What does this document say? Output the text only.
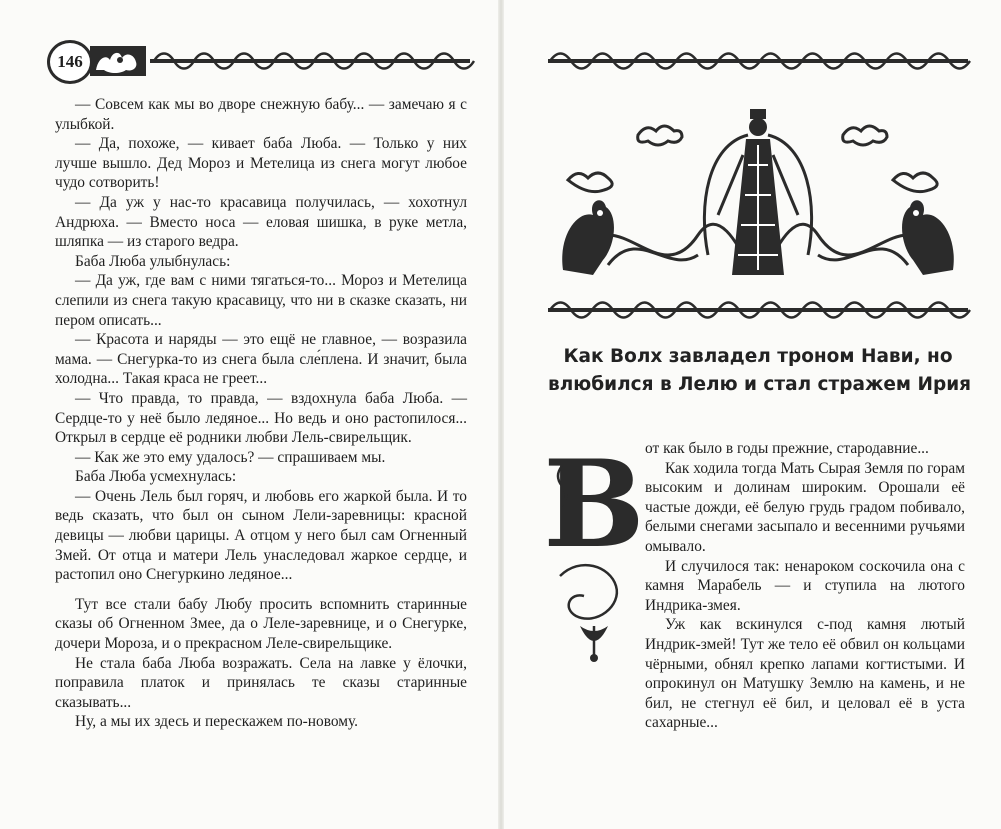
146

— Совсем как мы во дворе снежную бабу... — замечаю я с улыбкой.

— Да, похоже, — кивает баба Люба. — Только у них лучше вышло. Дед Мороз и Метелица из снега могут любое чудо сотворить!

— Да уж у нас-то красавица получилась, — хохотнул Андрюха. — Вместо носа — еловая шишка, в руке метла, шляпка — из старого ведра.

Баба Люба улыбнулась:

— Да уж, где вам с ними тягаться-то... Мороз и Метелица слепили из снега такую красавицу, что ни в сказке сказать, ни пером описать...

— Красота и наряды — это ещё не главное, — возразила мама. — Снегурка-то из снега была сле́плена. И значит, была холодна... Такая краса не греет...

— Что правда, то правда, — вздохнула баба Люба. — Сердце-то у неё было ледяное... Но ведь и оно растопилося... Открыл в сердце её родники любви Лель-свирельщик.

— Как же это ему удалось? — спрашиваем мы.

Баба Люба усмехнулась:

— Очень Лель был горяч, и любовь его жаркой была. И то ведь сказать, что был он сыном Лели-заревницы: красной девицы — любви царицы. А отцом у него был сам Огненный Змей. От отца и матери Лель унаследовал жаркое сердце, и растопил оно Снегуркино ледяное...

Тут все стали бабу Любу просить вспомнить старинные сказы об Огненном Змее, да о Леле-заревнице, и о Снегурке, дочери Мороза, и о прекрасном Леле-свирельщике.

Не стала баба Люба возражать. Села на лавке у ёлочки, поправила платок и принялась те сказы старинные сказывать...

Ну, а мы их здесь и перескажем по-новому.

Как Волх завладел троном Нави, но
влюбился в Лелю и стал стражем Ирия
В от как было в годы прежние, стародавние...

Как ходила тогда Мать Сырая Земля по горам высоким и долинам широким. Орошали её частые дожди, её белую грудь градом побивало, белыми снегами засыпало и весенними ручьями омывало.

И случилося так: ненароком соскочила она с камня Марабель — и ступила на лютого Индрика-змея.

Уж как вскинулся с-под камня лютый Индрик-змей! Тут же тело её обвил он кольцами чёрными, обнял крепко лапами когтистыми. И опрокинул он Матушку Землю на камень, и не бил, не стегнул её бил, и целовал её в уста сахарные...
